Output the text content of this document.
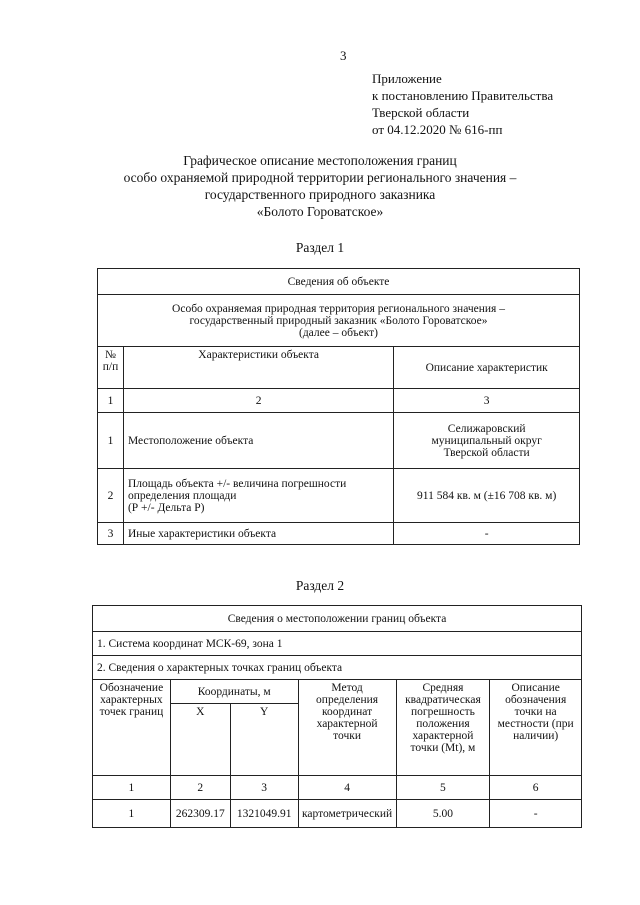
3
Приложение
к постановлению Правительства
Тверской области
от 04.12.2020 № 616-пп
Графическое описание местоположения границ
особо охраняемой природной территории регионального значения –
государственного природного заказника
«Болото Горoватское»
Раздел 1
Сведения об объекте		

Особо охраняемая природная территория регионального значения –
государственный природный заказник «Болото Горoватское»
(далее – объект)		

№ п/п	Характеристики объекта	Описание характеристик
1	2	3
1	Местоположение объекта	Селижаровский
муниципальный округ
Тверской области

2	Площадь объекта +/- величина погрешности
определения площади
(Р +/- Дельта Р)	911 584 кв. м (±16 708 кв. м)
3	Иные характеристики объекта	-
Раздел 2
Сведения о местоположении границ объекта					
1. Система координат МСК-69, зона 1					
2. Сведения о характерных точках границ объекта					
Обозначение характерных точек границ	Координаты, м		Метод определения координат характерной точки	Средняя квадратическая погрешность положения характерной точки (Mt), м	Описание обозначения точки на местности (при наличии)
	X	Y			
1	2	3	4	5	6
1	262309.17	1321049.91	картометрический	5.00	-
